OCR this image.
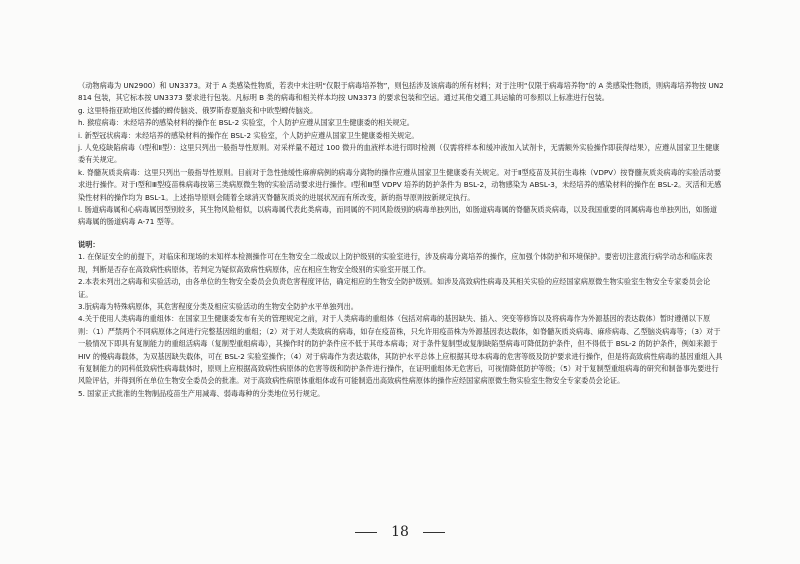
（动物病毒为 UN2900）和 UN3373。对于 A 类感染性物质，若表中未注明“仅限于病毒培养物”，则包括涉及该病毒的所有材料；对于注明“仅限于病毒培养物”的 A 类感染性物质，则病毒培养物按 UN2814 包装，其它标本按 UN3373 要求进行包装。凡标明 B 类的病毒和相关样本均按 UN3373 的要求包装和空运。通过其他交通工具运输的可参照以上标准进行包装。

g. 这里特指亚欧地区传播的蜱传脑炎、俄罗斯春夏脑炎和中欧型蜱传脑炎。

h. 猴痘病毒：未经培养的感染材料的操作在 BSL-2 实验室，个人防护应遵从国家卫生健康委的相关规定。

i. 新型冠状病毒：未经培养的感染材料的操作在 BSL-2 实验室，个人防护应遵从国家卫生健康委相关规定。

j. 人免疫缺陷病毒（Ⅰ型和Ⅱ型）：这里只列出一般指导性原则。对采样量不超过 100 微升的血液样本进行即时检测（仅需将样本和缓冲液加入试剂卡，无需额外实验操作即获得结果），应遵从国家卫生健康委有关规定。

k. 脊髓灰质炎病毒：这里只列出一般指导性原则。目前对于急性弛缓性麻痹病例的病毒分离物的操作应遵从国家卫生健康委有关规定。对于Ⅱ型疫苗及其衍生毒株（VDPV）按脊髓灰质炎病毒的实验活动要求进行操作。对于Ⅰ型和Ⅲ型疫苗株病毒按第三类病原微生物的实验活动要求进行操作。Ⅰ型和Ⅲ型 VDPV 培养的防护条件为 BSL-2，动物感染为 ABSL-3，未经培养的感染材料的操作在 BSL-2。灭活和无感染性材料的操作均为 BSL-1。上述指导原则会随着全球消灭脊髓灰质炎的进展状况而有所改变，新的指导原则按新规定执行。

l. 肠道病毒属和心病毒属因型别较多，其生物风险相似，以病毒属代表此类病毒，而同属的不同风险级别的病毒单独列出，如肠道病毒属的脊髓灰质炎病毒，以及我国重要的同属病毒也单独列出，如肠道病毒属的肠道病毒 A-71 型等。

说明：

1. 在保证安全的前提下，对临床和现场的未知样本检测操作可在生物安全二级或以上防护级别的实验室进行，涉及病毒分离培养的操作，应加强个体防护和环境保护。要密切注意流行病学动态和临床表现，判断是否存在高致病性病原体，若判定为疑似高致病性病原体，应在相应生物安全级别的实验室开展工作。

2.本表未列出之病毒和实验活动，由各单位的生物安全委员会负责危害程度评估，确定相应的生物安全防护级别。如涉及高致病性病毒及其相关实验的应经国家病原微生物实验室生物安全专家委员会论证。

3.朊病毒为特殊病原体，其危害程度分类及相应实验活动的生物安全防护水平单独列出。

4.关于使用人类病毒的重组体：在国家卫生健康委发布有关的管理规定之前，对于人类病毒的重组体（包括对病毒的基因缺失、插入、突变等修饰以及将病毒作为外源基因的表达载体）暂时遵循以下原则：（1）严禁两个不同病原体之间进行完整基因组的重组；（2）对于对人类致病的病毒，如存在疫苗株，只允许用疫苗株为外源基因表达载体，如脊髓灰质炎病毒、麻疹病毒、乙型脑炎病毒等；（3）对于一般情况下即具有复制能力的重组活病毒（复制型重组病毒），其操作时的防护条件应不低于其母本病毒；对于条件复制型或复制缺陷型病毒可降低防护条件，但不得低于 BSL-2 的防护条件，例如来源于 HIV 的慢病毒载体，为双基因缺失载体，可在 BSL-2 实验室操作；（4）对于病毒作为表达载体，其防护水平总体上应根据其母本病毒的危害等级及防护要求进行操作，但是将高致病性病毒的基因重组入具有复制能力的同科低致病性病毒载体时，原则上应根据高致病性病原体的危害等级和防护条件进行操作，在证明重组体无危害后，可视情降低防护等级；（5）对于复制型重组病毒的研究和制备事先要进行风险评估，并得到所在单位生物安全委员会的批准。对于高致病性病原体重组体或有可能制造出高致病性病原体的操作应经国家病原微生物实验室生物安全专家委员会论证。

5. 国家正式批准的生物制品疫苗生产用减毒、弱毒毒种的分类地位另行规定。

18
